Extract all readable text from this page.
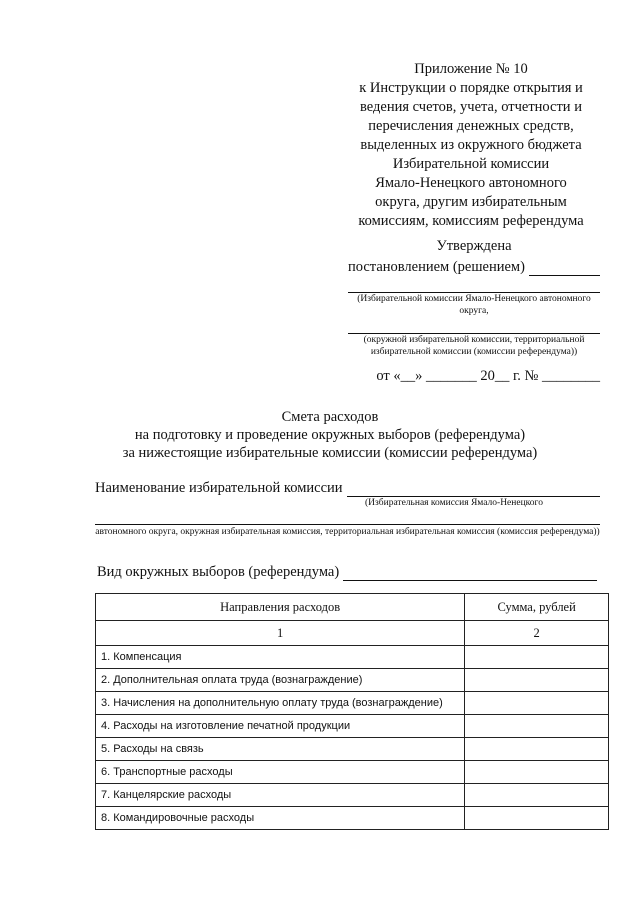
Приложение № 10
к Инструкции о порядке открытия и
ведения счетов, учета, отчетности и
перечисления денежных средств,
выделенных из окружного бюджета
Избирательной комиссии
Ямало-Ненецкого автономного
округа, другим избирательным
комиссиям, комиссиям референдума
Утверждена
постановлением (решением)
(Избирательной комиссии Ямало-Ненецкого автономного округа,
(окружной избирательной комиссии, территориальной избирательной комиссии (комиссии референдума))
от «__» _______ 20__ г. № ________
Смета расходов
на подготовку и проведение окружных выборов (референдума)
за нижестоящие избирательные комиссии (комиссии референдума)
Наименование избирательной комиссии
(Избирательная комиссия Ямало-Ненецкого
автономного округа, окружная избирательная комиссия, территориальная избирательная комиссия (комиссия референдума))
Вид окружных выборов (референдума)
Направления расходов	Сумма, рублей
1	2
1. Компенсация	
2. Дополнительная оплата труда (вознаграждение)	
3. Начисления на дополнительную оплату труда (вознаграждение)	
4. Расходы на изготовление печатной продукции	
5. Расходы на связь	
6. Транспортные расходы	
7. Канцелярские расходы	
8. Командировочные расходы	
